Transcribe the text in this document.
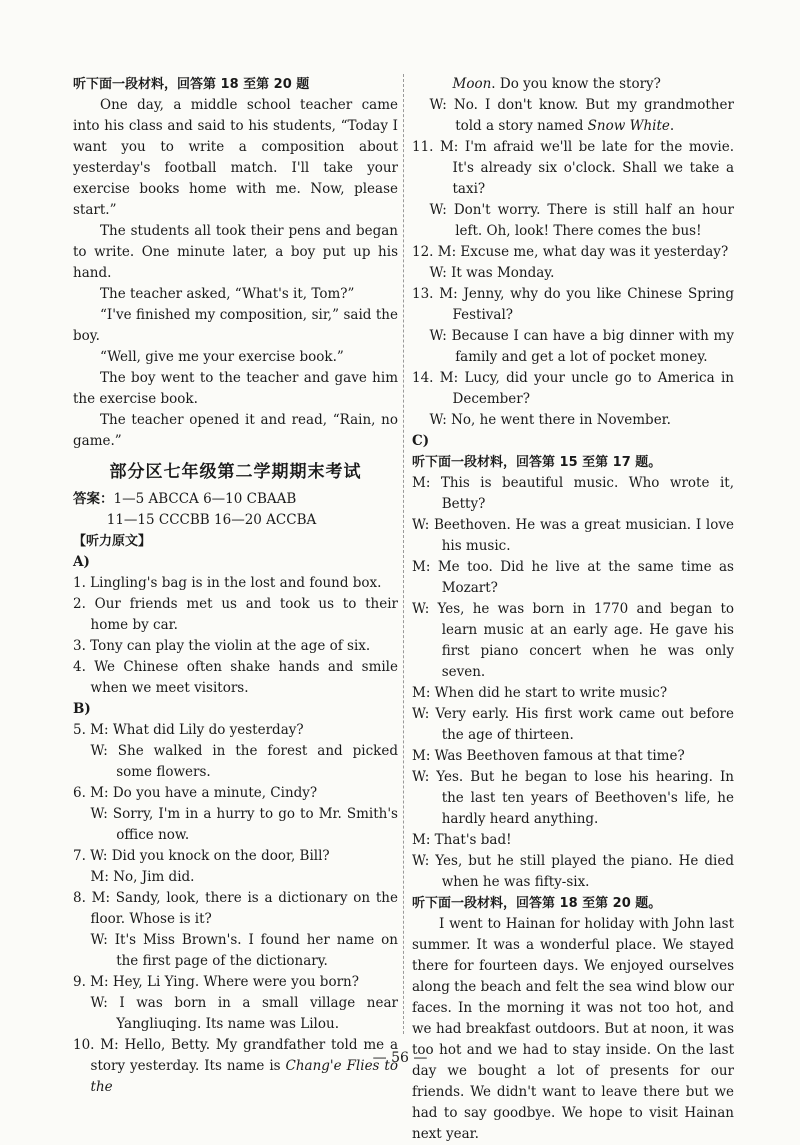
听下面一段材料，回答第 18 至第 20 题

One day, a middle school teacher came into his class and said to his students, “Today I want you to write a composition about yesterday's football match. I'll take your exercise books home with me. Now, please start.”

The students all took their pens and began to write. One minute later, a boy put up his hand.

The teacher asked, “What's it, Tom?”

“I've finished my composition, sir,” said the boy.

“Well, give me your exercise book.”

The boy went to the teacher and gave him the exercise book.

The teacher opened it and read, “Rain, no game.”

部分区七年级第二学期期末考试

答案：1—5 ABCCA 6—10 CBAAB

11—15 CCCBB 16—20 ACCBA

【听力原文】

A)

1. Lingling's bag is in the lost and found box.

2. Our friends met us and took us to their home by car.

3. Tony can play the violin at the age of six.

4. We Chinese often shake hands and smile when we meet visitors.

B)

5. M: What did Lily do yesterday?

W: She walked in the forest and picked some flowers.

6. M: Do you have a minute, Cindy?

W: Sorry, I'm in a hurry to go to Mr. Smith's office now.

7. W: Did you knock on the door, Bill?

M: No, Jim did.

8. M: Sandy, look, there is a dictionary on the floor. Whose is it?

W: It's Miss Brown's. I found her name on the first page of the dictionary.

9. M: Hey, Li Ying. Where were you born?

W: I was born in a small village near Yangliuqing. Its name was Lilou.

10. M: Hello, Betty. My grandfather told me a story yesterday. Its name is Chang'e Flies to the

Moon. Do you know the story?

W: No. I don't know. But my grandmother told a story named Snow White.

11. M: I'm afraid we'll be late for the movie. It's already six o'clock. Shall we take a taxi?

W: Don't worry. There is still half an hour left. Oh, look! There comes the bus!

12. M: Excuse me, what day was it yesterday?

W: It was Monday.

13. M: Jenny, why do you like Chinese Spring Festival?

W: Because I can have a big dinner with my family and get a lot of pocket money.

14. M: Lucy, did your uncle go to America in December?

W: No, he went there in November.

C)

听下面一段材料，回答第 15 至第 17 题。

M: This is beautiful music. Who wrote it, Betty?

W: Beethoven. He was a great musician. I love his music.

M: Me too. Did he live at the same time as Mozart?

W: Yes, he was born in 1770 and began to learn music at an early age. He gave his first piano concert when he was only seven.

M: When did he start to write music?

W: Very early. His first work came out before the age of thirteen.

M: Was Beethoven famous at that time?

W: Yes. But he began to lose his hearing. In the last ten years of Beethoven's life, he hardly heard anything.

M: That's bad!

W: Yes, but he still played the piano. He died when he was fifty-six.

听下面一段材料，回答第 18 至第 20 题。

I went to Hainan for holiday with John last summer. It was a wonderful place. We stayed there for fourteen days. We enjoyed ourselves along the beach and felt the sea wind blow our faces. In the morning it was not too hot, and we had breakfast outdoors. But at noon, it was too hot and we had to stay inside. On the last day we bought a lot of presents for our friends. We didn't want to leave there but we had to say goodbye. We hope to visit Hainan next year.

— 56 —
